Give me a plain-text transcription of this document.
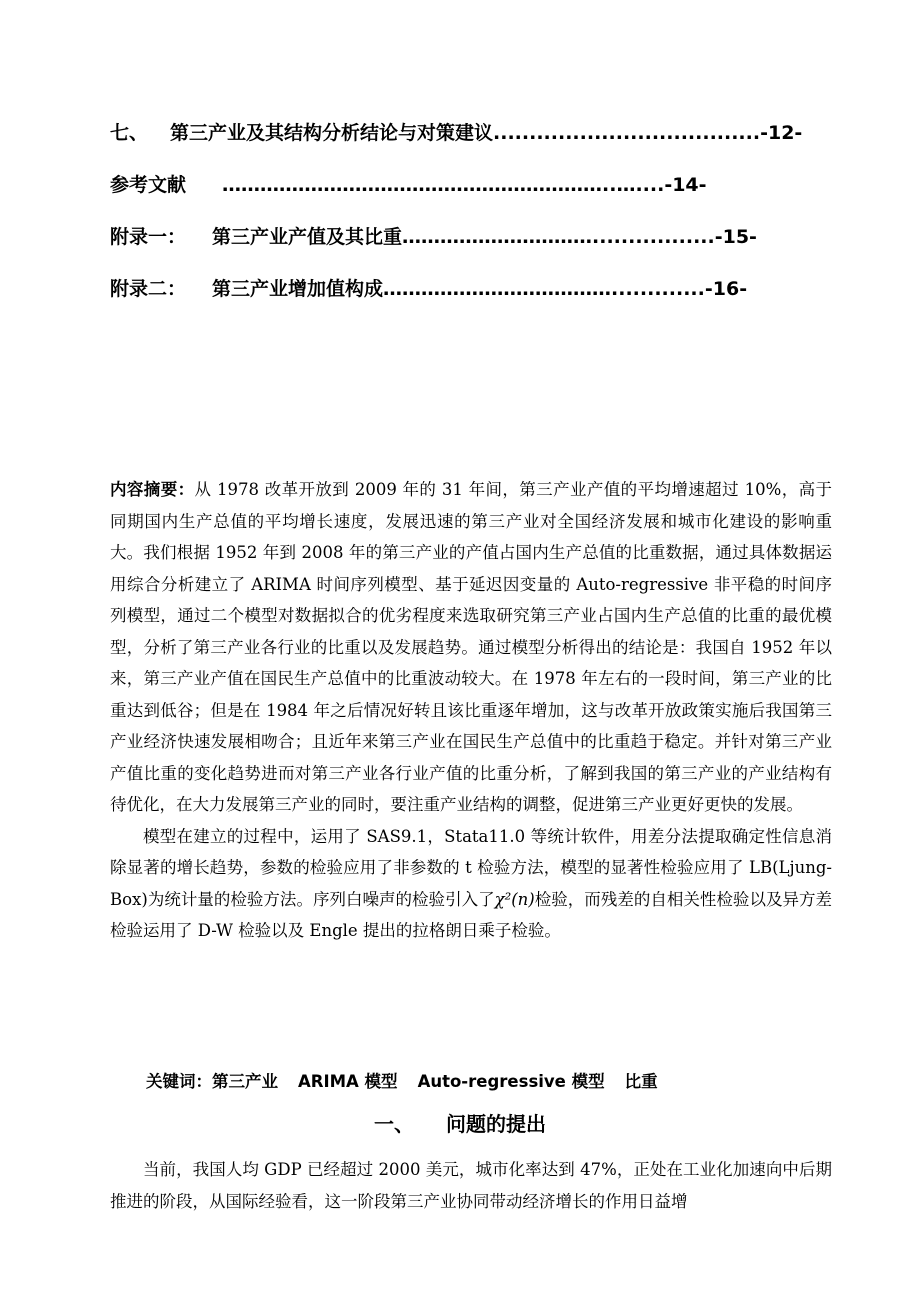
七、 第三产业及其结构分析结论与对策建议.....................................-12-
参考文献 ……………………………………………………..…....-14-
附录一： 第三产业产值及其比重………………………….................-15-
附录二： 第三产业增加值构成……………………………….............-16-

内容摘要：从 1978 改革开放到 2009 年的 31 年间，第三产业产值的平均增速超过 10%，高于同期国内生产总值的平均增长速度，发展迅速的第三产业对全国经济发展和城市化建设的影响重大。我们根据 1952 年到 2008 年的第三产业的产值占国内生产总值的比重数据，通过具体数据运用综合分析建立了 ARIMA 时间序列模型、基于延迟因变量的 Auto-regressive 非平稳的时间序列模型，通过二个模型对数据拟合的优劣程度来选取研究第三产业占国内生产总值的比重的最优模型，分析了第三产业各行业的比重以及发展趋势。通过模型分析得出的结论是：我国自 1952 年以来，第三产业产值在国民生产总值中的比重波动较大。在 1978 年左右的一段时间，第三产业的比重达到低谷；但是在 1984 年之后情况好转且该比重逐年增加，这与改革开放政策实施后我国第三产业经济快速发展相吻合；且近年来第三产业在国民生产总值中的比重趋于稳定。并针对第三产业产值比重的变化趋势进而对第三产业各行业产值的比重分析，了解到我国的第三产业的产业结构有待优化，在大力发展第三产业的同时，要注重产业结构的调整，促进第三产业更好更快的发展。

模型在建立的过程中，运用了 SAS9.1，Stata11.0 等统计软件，用差分法提取确定性信息消除显著的增长趋势，参数的检验应用了非参数的 t 检验方法，模型的显著性检验应用了 LB(Ljung-Box)为统计量的检验方法。序列白噪声的检验引入了χ²(n)检验，而残差的自相关性检验以及异方差检验运用了 D-W 检验以及 Engle 提出的拉格朗日乘子检验。

关键词：第三产业 ARIMA 模型 Auto-regressive 模型 比重
一、 问题的提出

当前，我国人均 GDP 已经超过 2000 美元，城市化率达到 47%，正处在工业化加速向中后期推进的阶段，从国际经验看，这一阶段第三产业协同带动经济增长的作用日益增
